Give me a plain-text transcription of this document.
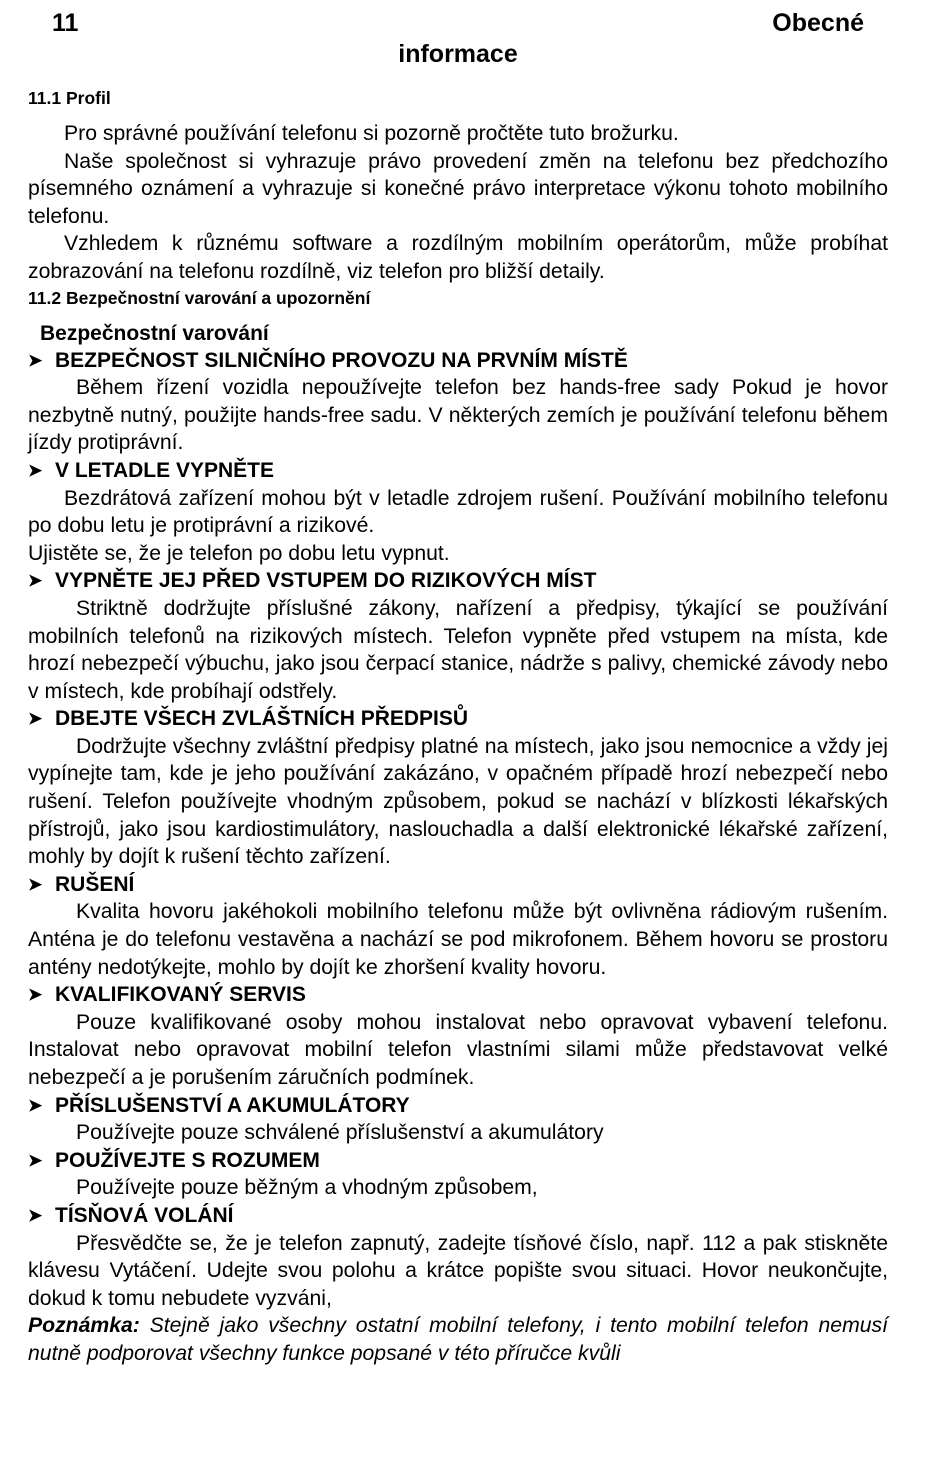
11	Obecné
informace
11.1 Profil

Pro správné používání telefonu si pozorně pročtěte tuto brožurku.

Naše společnost si vyhrazuje právo provedení změn na telefonu bez předchozího písemného oznámení a vyhrazuje si konečné právo interpretace výkonu tohoto mobilního telefonu.

Vzhledem k různému software a rozdílným mobilním operátorům, může probíhat zobrazování na telefonu rozdílně, viz telefon pro bližší detaily.

11.2 Bezpečnostní varování a upozornění
Bezpečnostní varování
➤ BEZPEČNOST SILNIČNÍHO PROVOZU NA PRVNÍM MÍSTĚ

Během řízení vozidla nepoužívejte telefon bez hands-free sady Pokud je hovor nezbytně nutný, použijte hands-free sadu. V některých zemích je používání telefonu během jízdy protiprávní.

➤ V LETADLE VYPNĚTE

Bezdrátová zařízení mohou být v letadle zdrojem rušení. Používání mobilního telefonu po dobu letu je protiprávní a rizikové.

Ujistěte se, že je telefon po dobu letu vypnut.

➤ VYPNĚTE JEJ PŘED VSTUPEM DO RIZIKOVÝCH MÍST

Striktně dodržujte příslušné zákony, nařízení a předpisy, týkající se používání mobilních telefonů na rizikových místech. Telefon vypněte před vstupem na místa, kde hrozí nebezpečí výbuchu, jako jsou čerpací stanice, nádrže s palivy, chemické závody nebo v místech, kde probíhají odstřely.

➤ DBEJTE VŠECH ZVLÁŠTNÍCH PŘEDPISŮ

Dodržujte všechny zvláštní předpisy platné na místech, jako jsou nemocnice a vždy jej vypínejte tam, kde je jeho používání zakázáno, v opačném případě hrozí nebezpečí nebo rušení. Telefon používejte vhodným způsobem, pokud se nachází v blízkosti lékařských přístrojů, jako jsou kardiostimulátory, naslouchadla a další elektronické lékařské zařízení, mohly by dojít k rušení těchto zařízení.

➤ RUŠENÍ

Kvalita hovoru jakéhokoli mobilního telefonu může být ovlivněna rádiovým rušením. Anténa je do telefonu vestavěna a nachází se pod mikrofonem. Během hovoru se prostoru antény nedotýkejte, mohlo by dojít ke zhoršení kvality hovoru.

➤ KVALIFIKOVANÝ SERVIS

Pouze kvalifikované osoby mohou instalovat nebo opravovat vybavení telefonu. Instalovat nebo opravovat mobilní telefon vlastními silami může představovat velké nebezpečí a je porušením záručních podmínek.

➤ PŘÍSLUŠENSTVÍ A AKUMULÁTORY

Používejte pouze schválené příslušenství a akumulátory

➤ POUŽÍVEJTE S ROZUMEM

Používejte pouze běžným a vhodným způsobem,

➤ TÍSŇOVÁ VOLÁNÍ

Přesvědčte se, že je telefon zapnutý, zadejte tísňové číslo, např. 112 a pak stiskněte klávesu Vytáčení. Udejte svou polohu a krátce popište svou situaci. Hovor neukončujte, dokud k tomu nebudete vyzváni,

Poznámka: Stejně jako všechny ostatní mobilní telefony, i tento mobilní telefon nemusí nutně podporovat všechny funkce popsané v této příručce kvůli
